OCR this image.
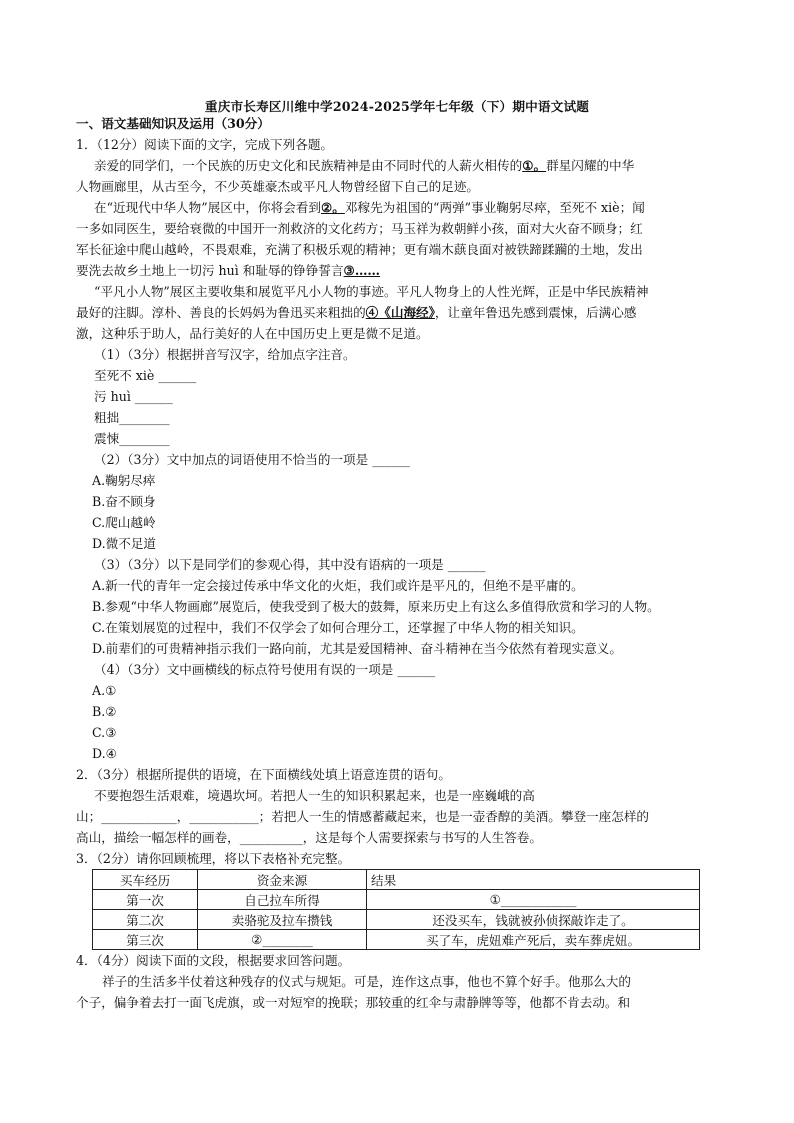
重庆市长寿区川维中学2024-2025学年七年级（下）期中语文试题
一、语文基础知识及运用（30分）
1．（12分）阅读下面的文字，完成下列各题。
亲爱的同学们，一个民族的历史文化和民族精神是由不同时代的人薪火相传的①。群星闪耀的中华
人物画廊里，从古至今，不少英雄豪杰或平凡人物曾经留下自己的足迹。
在“近现代中华人物”展区中，你将会看到②。邓稼先为祖国的“两弹”事业鞠躬尽瘁，至死不 xiè；闻
一多如同医生，要给衰微的中国开一剂救济的文化药方；马玉祥为救朝鲜小孩，面对大火奋不顾身；红
军长征途中爬山越岭，不畏艰难，充满了积极乐观的精神；更有端木蕻良面对被铁蹄蹂躏的土地，发出
要洗去故乡土地上一切污 huì 和耻辱的铮铮誓言③……
“平凡小人物”展区主要收集和展览平凡小人物的事迹。平凡人物身上的人性光辉，正是中华民族精神
最好的注脚。淳朴、善良的长妈妈为鲁迅买来粗拙的④《山海经》，让童年鲁迅先感到震悚，后满心感
激，这种乐于助人，品行美好的人在中国历史上更是微不足道。
（1）（3分）根据拼音写汉字，给加点字注音。
至死不 xiè ______
污 huì ______
粗拙________
震悚________
（2）（3分）文中加点的词语使用不恰当的一项是 ______
A.鞠躬尽瘁
B.奋不顾身
C.爬山越岭
D.微不足道
（3）（3分）以下是同学们的参观心得，其中没有语病的一项是 ______
A.新一代的青年一定会接过传承中华文化的火炬，我们或许是平凡的，但绝不是平庸的。
B.参观“中华人物画廊”展览后，使我受到了极大的鼓舞，原来历史上有这么多值得欣赏和学习的人物。
C.在策划展览的过程中，我们不仅学会了如何合理分工，还掌握了中华人物的相关知识。
D.前辈们的可贵精神指示我们一路向前，尤其是爱国精神、奋斗精神在当今依然有着现实意义。
（4）（3分）文中画横线的标点符号使用有误的一项是 ______
A.①
B.②
C.③
D.④
2．（3分）根据所提供的语境，在下面横线处填上语意连贯的语句。
不要抱怨生活艰难，境遇坎坷。若把人一生的知识积累起来，也是一座巍峨的高
山；____________，___________；若把人一生的情感蓄藏起来，也是一壶香醇的美酒。攀登一座怎样的
高山，描绘一幅怎样的画卷，__________，这是每个人需要探索与书写的人生答卷。
3．（2分）请你回顾梳理，将以下表格补充完整。
买车经历	资金来源	结果
第一次	自己拉车所得	①____________
第二次	卖骆驼及拉车攒钱	还没买车，钱就被孙侦探敲诈走了。
第三次	②________	买了车，虎妞难产死后，卖车葬虎妞。
4．（4分）阅读下面的文段，根据要求回答问题。
祥子的生活多半仗着这种残存的仪式与规矩。可是，连作这点事，他也不算个好手。他那么大的
个子，偏争着去打一面飞虎旗，或一对短窄的挽联；那较重的红伞与肃静牌等等，他都不肯去动。和
